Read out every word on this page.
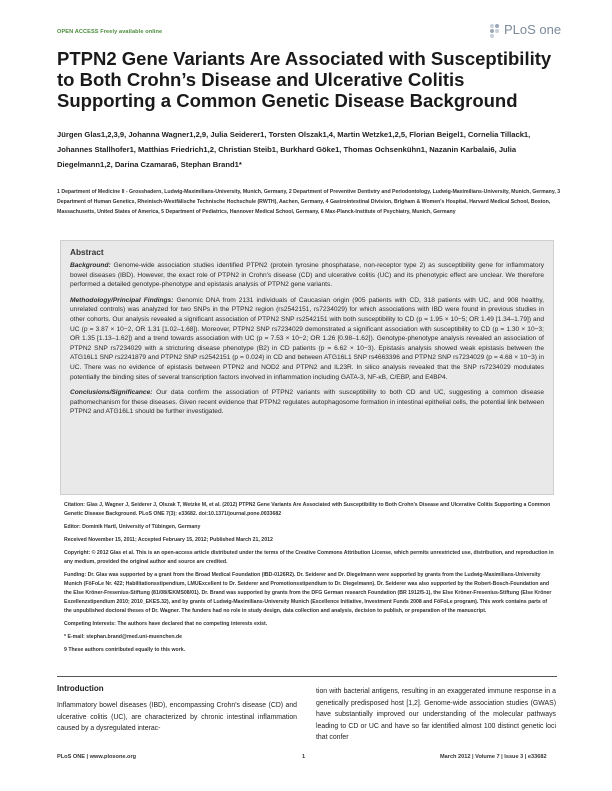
OPEN ACCESS Freely available online	PLoS one
PTPN2 Gene Variants Are Associated with Susceptibility to Both Crohn’s Disease and Ulcerative Colitis Supporting a Common Genetic Disease Background
Jürgen Glas1,2,3,9, Johanna Wagner1,2,9, Julia Seiderer1, Torsten Olszak1,4, Martin Wetzke1,2,5, Florian Beigel1, Cornelia Tillack1, Johannes Stallhofer1, Matthias Friedrich1,2, Christian Steib1, Burkhard Göke1, Thomas Ochsenkühn1, Nazanin Karbalai6, Julia Diegelmann1,2, Darina Czamara6, Stephan Brand1*
1 Department of Medicine II - Grosshadern, Ludwig-Maximilians-University, Munich, Germany, 2 Department of Preventive Dentistry and Periodontology, Ludwig-Maximilians-University, Munich, Germany, 3 Department of Human Genetics, Rheinisch-Westfälische Technische Hochschule (RWTH), Aachen, Germany, 4 Gastrointestinal Division, Brigham & Women's Hospital, Harvard Medical School, Boston, Massachusetts, United States of America, 5 Department of Pediatrics, Hannover Medical School, Germany, 6 Max-Planck-Institute of Psychiatry, Munich, Germany
Abstract

Background: Genome-wide association studies identified PTPN2 (protein tyrosine phosphatase, non-receptor type 2) as susceptibility gene for inflammatory bowel diseases (IBD). However, the exact role of PTPN2 in Crohn's disease (CD) and ulcerative colitis (UC) and its phenotypic effect are unclear. We therefore performed a detailed genotype-phenotype and epistasis analysis of PTPN2 gene variants.

Methodology/Principal Findings: Genomic DNA from 2131 individuals of Caucasian origin (905 patients with CD, 318 patients with UC, and 908 healthy, unrelated controls) was analyzed for two SNPs in the PTPN2 region (rs2542151, rs7234029) for which associations with IBD were found in previous studies in other cohorts. Our analysis revealed a significant association of PTPN2 SNP rs2542151 with both susceptibility to CD (p = 1.95 × 10−5; OR 1.49 [1.34–1.79]) and UC (p = 3.87 × 10−2, OR 1.31 [1.02–1.68]). Moreover, PTPN2 SNP rs7234029 demonstrated a significant association with susceptibility to CD (p = 1.30 × 10−3; OR 1.35 [1.13–1.62]) and a trend towards association with UC (p = 7.53 × 10−2; OR 1.26 [0.98–1.62]). Genotype-phenotype analysis revealed an association of PTPN2 SNP rs7234029 with a stricturing disease phenotype (B2) in CD patients (p = 6.62 × 10−3). Epistasis analysis showed weak epistasis between the ATG16L1 SNP rs2241879 and PTPN2 SNP rs2542151 (p = 0.024) in CD and between ATG16L1 SNP rs4663396 and PTPN2 SNP rs7234029 (p = 4.68 × 10−3) in UC. There was no evidence of epistasis between PTPN2 and NOD2 and PTPN2 and IL23R. In silico analysis revealed that the SNP rs7234029 modulates potentially the binding sites of several transcription factors involved in inflammation including GATA-3, NF-κB, C/EBP, and E4BP4.

Conclusions/Significance: Our data confirm the association of PTPN2 variants with susceptibility to both CD and UC, suggesting a common disease pathomechanism for these diseases. Given recent evidence that PTPN2 regulates autophagosome formation in intestinal epithelial cells, the potential link between PTPN2 and ATG16L1 should be further investigated.

Citation: Glas J, Wagner J, Seiderer J, Olszak T, Wetzke M, et al. (2012) PTPN2 Gene Variants Are Associated with Susceptibility to Both Crohn's Disease and Ulcerative Colitis Supporting a Common Genetic Disease Background. PLoS ONE 7(3): e33682. doi:10.1371/journal.pone.0033682

Editor: Dominik Hartl, University of Tübingen, Germany

Received November 15, 2011; Accepted February 15, 2012; Published March 21, 2012

Copyright: © 2012 Glas et al. This is an open-access article distributed under the terms of the Creative Commons Attribution License, which permits unrestricted use, distribution, and reproduction in any medium, provided the original author and source are credited.

Funding: Dr. Glas was supported by a grant from the Broad Medical Foundation (IBD-0126R2). Dr. Seiderer and Dr. Diegelmann were supported by grants from the Ludwig-Maximilians-University Munich (FöFoLe Nr. 422; Habilitationsstipendium, LMUExcellent to Dr. Seiderer and Promotionsstipendium to Dr. Diegelmann). Dr. Seiderer was also supported by the Robert-Bosch-Foundation and the Else Kröner-Fresenius-Stiftung (81/08//EKMS08/01). Dr. Brand was supported by grants from the DFG German research Foundation (BR 1912/5-1), the Else Kröner-Fresenius-Stiftung (Else Kröner Exzellenzstipendium 2010; 2010_EKES.32), and by grants of Ludwig-Maximilians-University Munich (Excellence Initiative, Investment Funds 2008 and FöFoLe program). This work contains parts of the unpublished doctoral theses of Dr. Wagner. The funders had no role in study design, data collection and analysis, decision to publish, or preparation of the manuscript.

Competing Interests: The authors have declared that no competing interests exist.

* E-mail: stephan.brand@med.uni-muenchen.de

9 These authors contributed equally to this work.

Introduction
Inflammatory bowel diseases (IBD), encompassing Crohn's disease (CD) and ulcerative colitis (UC), are characterized by chronic intestinal inflammation caused by a dysregulated interac-
tion with bacterial antigens, resulting in an exaggerated immune response in a genetically predisposed host [1,2]. Genome-wide association studies (GWAS) have substantially improved our understanding of the molecular pathways leading to CD or UC and have so far identified almost 100 distinct genetic loci that confer
PLoS ONE | www.plosone.org	1	March 2012 | Volume 7 | Issue 3 | e33682
